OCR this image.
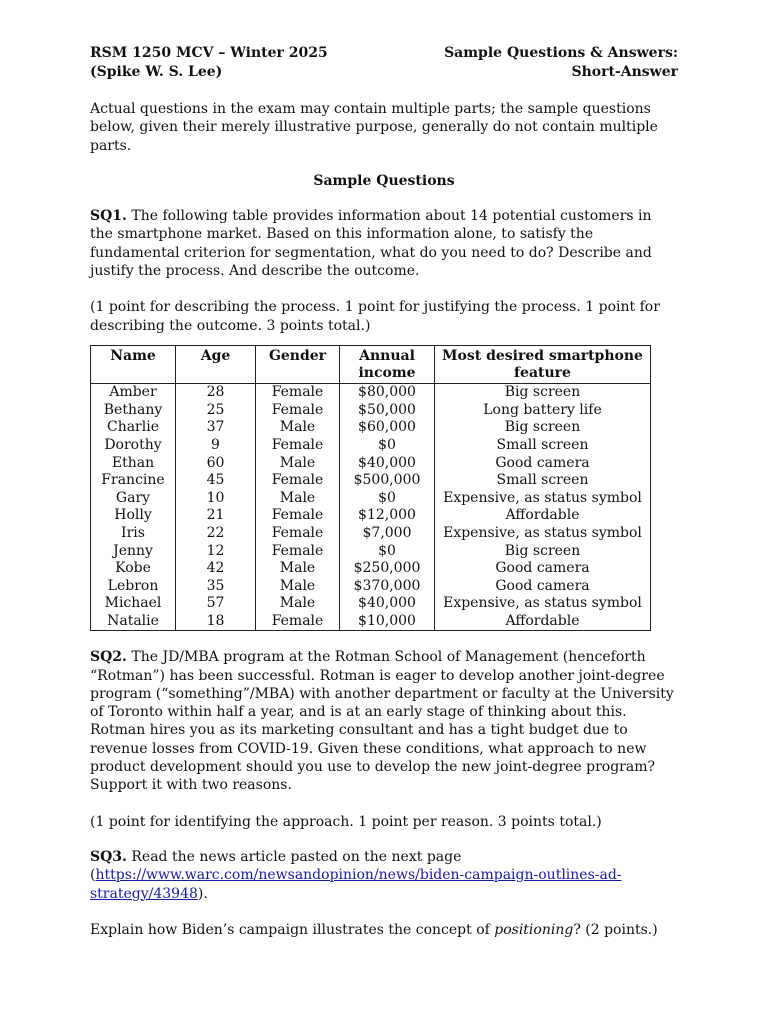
RSM 1250 MCV – Winter 2025
(Spike W. S. Lee)
Sample Questions & Answers:
Short-Answer

Actual questions in the exam may contain multiple parts; the sample questions below, given their merely illustrative purpose, generally do not contain multiple parts.

Sample Questions

SQ1. The following table provides information about 14 potential customers in the smartphone market. Based on this information alone, to satisfy the fundamental criterion for segmentation, what do you need to do? Describe and justify the process. And describe the outcome.

(1 point for describing the process. 1 point for justifying the process. 1 point for describing the outcome. 3 points total.)

Name	Age	Gender	Annual income	Most desired smartphone feature
Amber	28	Female	$80,000	Big screen
Bethany	25	Female	$50,000	Long battery life
Charlie	37	Male	$60,000	Big screen
Dorothy	9	Female	$0	Small screen
Ethan	60	Male	$40,000	Good camera
Francine	45	Female	$500,000	Small screen
Gary	10	Male	$0	Expensive, as status symbol
Holly	21	Female	$12,000	Affordable
Iris	22	Female	$7,000	Expensive, as status symbol
Jenny	12	Female	$0	Big screen
Kobe	42	Male	$250,000	Good camera
Lebron	35	Male	$370,000	Good camera
Michael	57	Male	$40,000	Expensive, as status symbol
Natalie	18	Female	$10,000	Affordable

SQ2. The JD/MBA program at the Rotman School of Management (henceforth “Rotman”) has been successful. Rotman is eager to develop another joint-degree program (“something”/MBA) with another department or faculty at the University of Toronto within half a year, and is at an early stage of thinking about this. Rotman hires you as its marketing consultant and has a tight budget due to revenue losses from COVID-19. Given these conditions, what approach to new product development should you use to develop the new joint-degree program? Support it with two reasons.

(1 point for identifying the approach. 1 point per reason. 3 points total.)

SQ3. Read the news article pasted on the next page (https://www.warc.com/newsandopinion/news/biden-campaign-outlines-ad-strategy/43948).

Explain how Biden’s campaign illustrates the concept of positioning? (2 points.)
